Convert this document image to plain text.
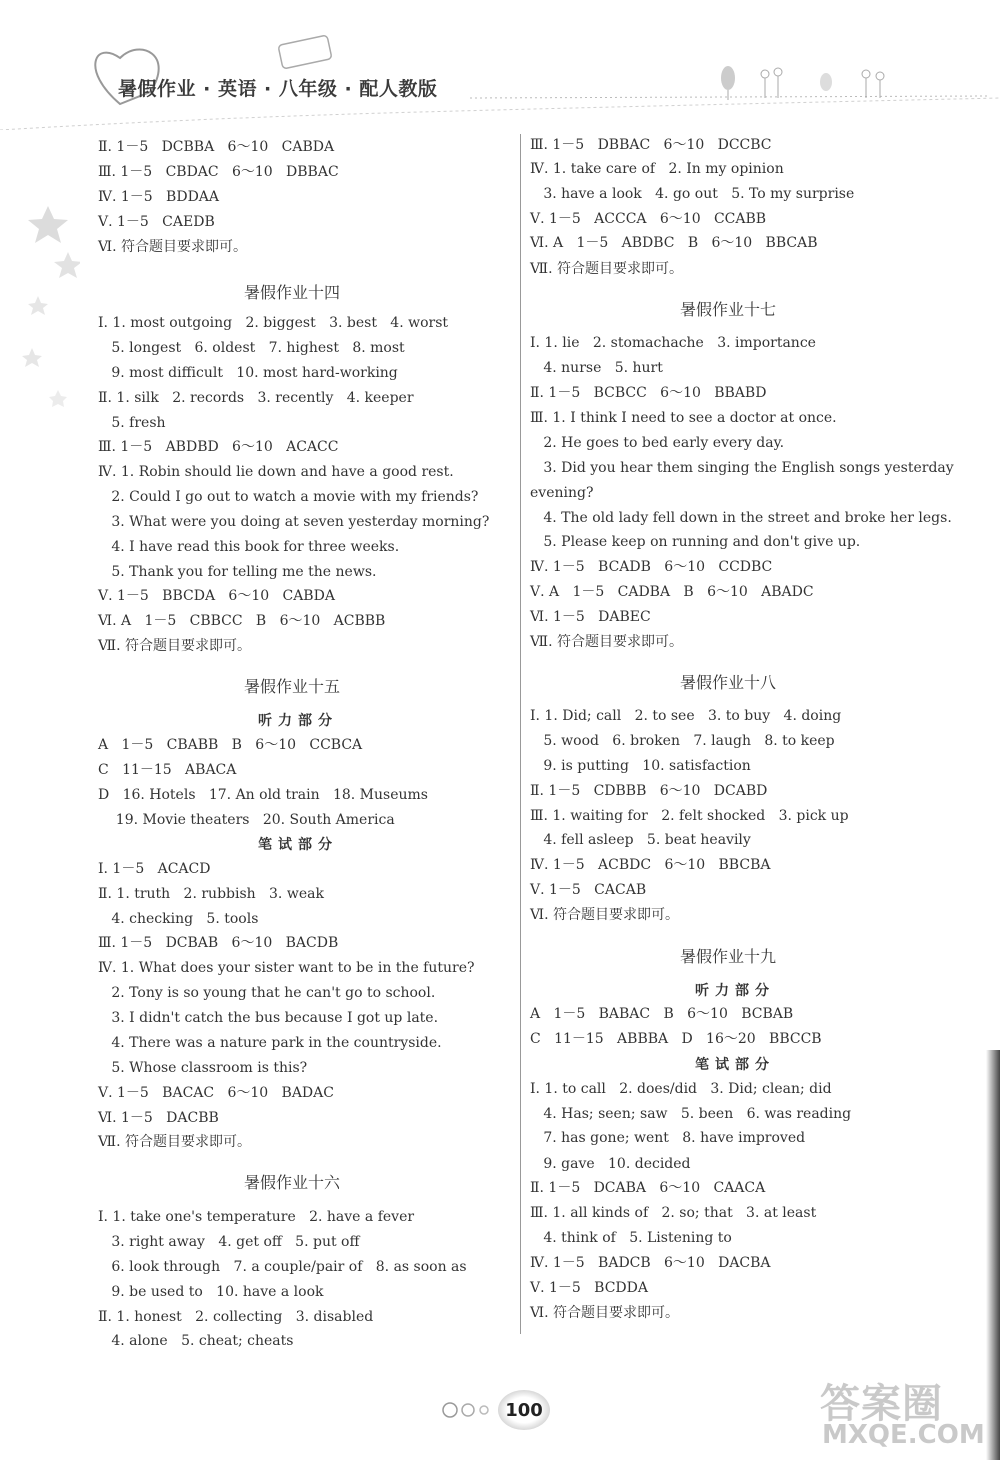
暑假作业 · 英语 · 八年级 · 配人教版
Ⅱ. 1－5   DCBBA   6～10   CABDA
Ⅲ. 1－5   CBDAC   6～10   DBBAC
Ⅳ. 1－5   BDDAA
Ⅴ. 1－5   CAEDB
Ⅵ. 符合题目要求即可。
暑假作业十四
Ⅰ. 1. most outgoing   2. biggest   3. best   4. worst
5. longest   6. oldest   7. highest   8. most
9. most difficult   10. most hard-working
Ⅱ. 1. silk   2. records   3. recently   4. keeper
5. fresh
Ⅲ. 1－5   ABDBD   6～10   ACACC
Ⅳ. 1. Robin should lie down and have a good rest.
2. Could I go out to watch a movie with my friends?
3. What were you doing at seven yesterday morning?
4. I have read this book for three weeks.
5. Thank you for telling me the news.
Ⅴ. 1－5   BBCDA   6～10   CABDA
Ⅵ. A   1－5   CBBCC   B   6～10   ACBBB
Ⅶ. 符合题目要求即可。
暑假作业十五
听力部分
A   1－5   CBABB   B   6～10   CCBCA
C   11－15   ABACA
D   16. Hotels   17. An old train   18. Museums
19. Movie theaters   20. South America
笔试部分
Ⅰ. 1－5   ACACD
Ⅱ. 1. truth   2. rubbish   3. weak
4. checking   5. tools
Ⅲ. 1－5   DCBAB   6～10   BACDB
Ⅳ. 1. What does your sister want to be in the future?
2. Tony is so young that he can't go to school.
3. I didn't catch the bus because I got up late.
4. There was a nature park in the countryside.
5. Whose classroom is this?
Ⅴ. 1－5   BACAC   6～10   BADAC
Ⅵ. 1－5   DACBB
Ⅶ. 符合题目要求即可。
暑假作业十六
Ⅰ. 1. take one's temperature   2. have a fever
3. right away   4. get off   5. put off
6. look through   7. a couple/pair of   8. as soon as
9. be used to   10. have a look
Ⅱ. 1. honest   2. collecting   3. disabled
4. alone   5. cheat; cheats
Ⅲ. 1－5   DBBAC   6～10   DCCBC
Ⅳ. 1. take care of   2. In my opinion
3. have a look   4. go out   5. To my surprise
Ⅴ. 1－5   ACCCA   6～10   CCABB
Ⅵ. A   1－5   ABDBC   B   6～10   BBCAB
Ⅶ. 符合题目要求即可。
暑假作业十七
Ⅰ. 1. lie   2. stomachache   3. importance
4. nurse   5. hurt
Ⅱ. 1－5   BCBCC   6～10   BBABD
Ⅲ. 1. I think I need to see a doctor at once.
2. He goes to bed early every day.
3. Did you hear them singing the English songs yesterday
evening?
4. The old lady fell down in the street and broke her legs.
5. Please keep on running and don't give up.
Ⅳ. 1－5   BCADB   6～10   CCDBC
Ⅴ. A   1－5   CADBA   B   6～10   ABADC
Ⅵ. 1－5   DABEC
Ⅶ. 符合题目要求即可。
暑假作业十八
Ⅰ. 1. Did; call   2. to see   3. to buy   4. doing
5. wood   6. broken   7. laugh   8. to keep
9. is putting   10. satisfaction
Ⅱ. 1－5   CDBBB   6～10   DCABD
Ⅲ. 1. waiting for   2. felt shocked   3. pick up
4. fell asleep   5. beat heavily
Ⅳ. 1－5   ACBDC   6～10   BBCBA
Ⅴ. 1－5   CACAB
Ⅵ. 符合题目要求即可。
暑假作业十九
听力部分
A   1－5   BABAC   B   6～10   BCBAB
C   11－15   ABBBA   D   16～20   BBCCB
笔试部分
Ⅰ. 1. to call   2. does/did   3. Did; clean; did
4. Has; seen; saw   5. been   6. was reading
7. has gone; went   8. have improved
9. gave   10. decided
Ⅱ. 1－5   DCABA   6～10   CAACA
Ⅲ. 1. all kinds of   2. so; that   3. at least
4. think of   5. Listening to
Ⅳ. 1－5   BADCB   6～10   DACBA
Ⅴ. 1－5   BCDDA
Ⅵ. 符合题目要求即可。
100	答案圈
MXQE.COM
